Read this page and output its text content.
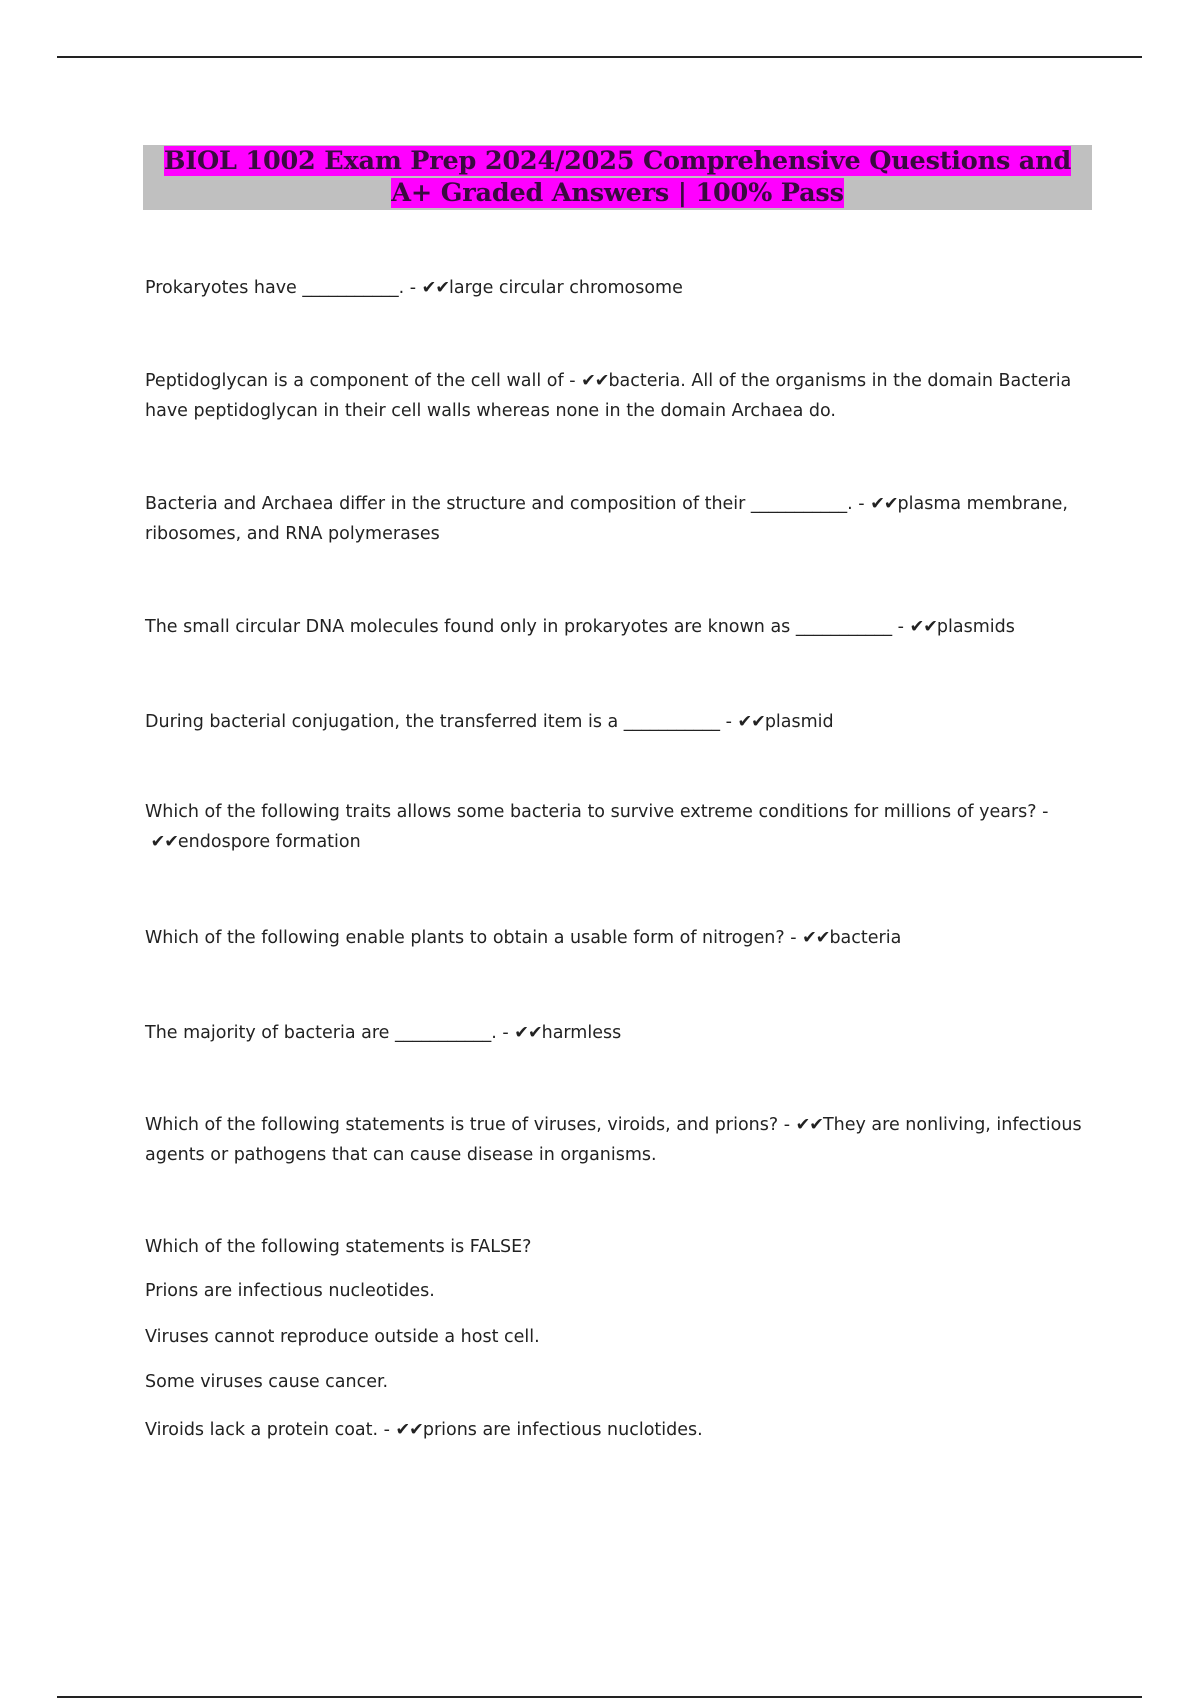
BIOL 1002 Exam Prep 2024/2025 Comprehensive Questions and A+ Graded Answers | 100% Pass

Prokaryotes have ___________. - ✔✔large circular chromosome

Peptidoglycan is a component of the cell wall of - ✔✔bacteria. All of the organisms in the domain Bacteria have peptidoglycan in their cell walls whereas none in the domain Archaea do.

Bacteria and Archaea differ in the structure and composition of their ___________. - ✔✔plasma membrane, ribosomes, and RNA polymerases

The small circular DNA molecules found only in prokaryotes are known as ___________ - ✔✔plasmids

During bacterial conjugation, the transferred item is a ___________ - ✔✔plasmid

Which of the following traits allows some bacteria to survive extreme conditions for millions of years? - ✔✔endospore formation

Which of the following enable plants to obtain a usable form of nitrogen? - ✔✔bacteria

The majority of bacteria are ___________. - ✔✔harmless

Which of the following statements is true of viruses, viroids, and prions? - ✔✔They are nonliving, infectious agents or pathogens that can cause disease in organisms.

Which of the following statements is FALSE?

Prions are infectious nucleotides.

Viruses cannot reproduce outside a host cell.

Some viruses cause cancer.

Viroids lack a protein coat. - ✔✔prions are infectious nuclotides.
